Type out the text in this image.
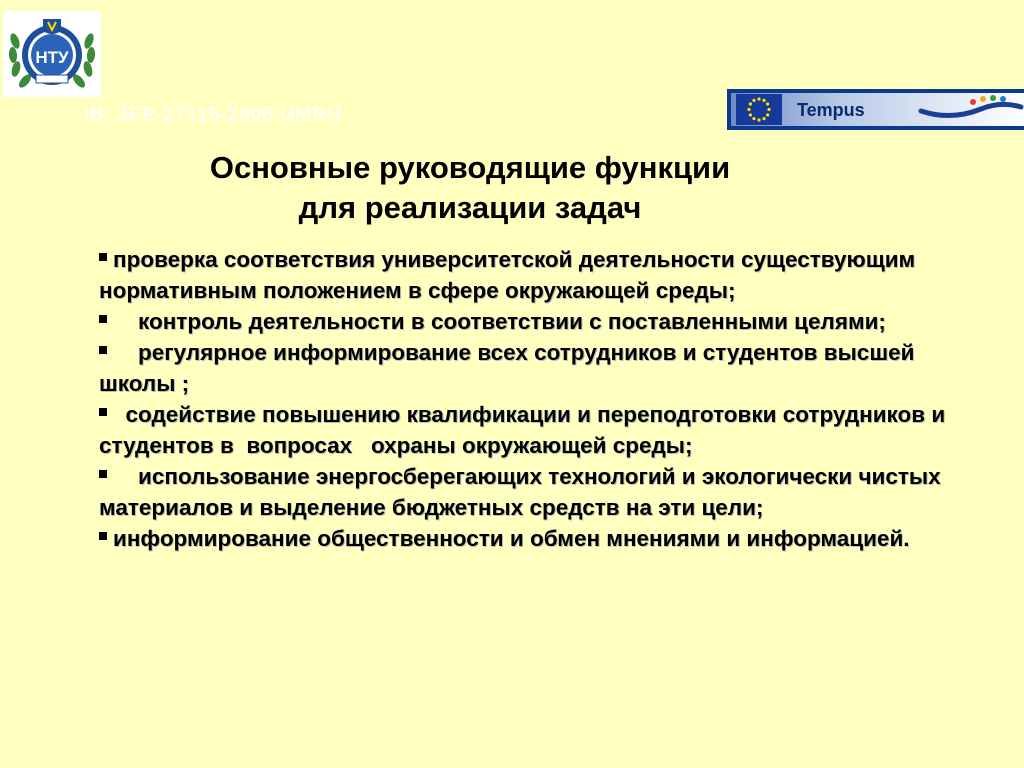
НТУ
IB_JEP-27115-2006 UMRU	Tempus
Основные руководящие функции
для реализации задач
проверка соответствия университетской деятельности существующим нормативным положением в сфере окружающей среды;
контроль деятельности в соответствии с поставленными целями;
регулярное информирование всех сотрудников и студентов высшей школы ;
содействие повышению квалификации и переподготовки сотрудников и студентов в  вопросах   охраны окружающей среды;
использование энергосберегающих технологий и экологически чистых материалов и выделение бюджетных средств на эти цели;
информирование общественности и обмен мнениями и информацией.
